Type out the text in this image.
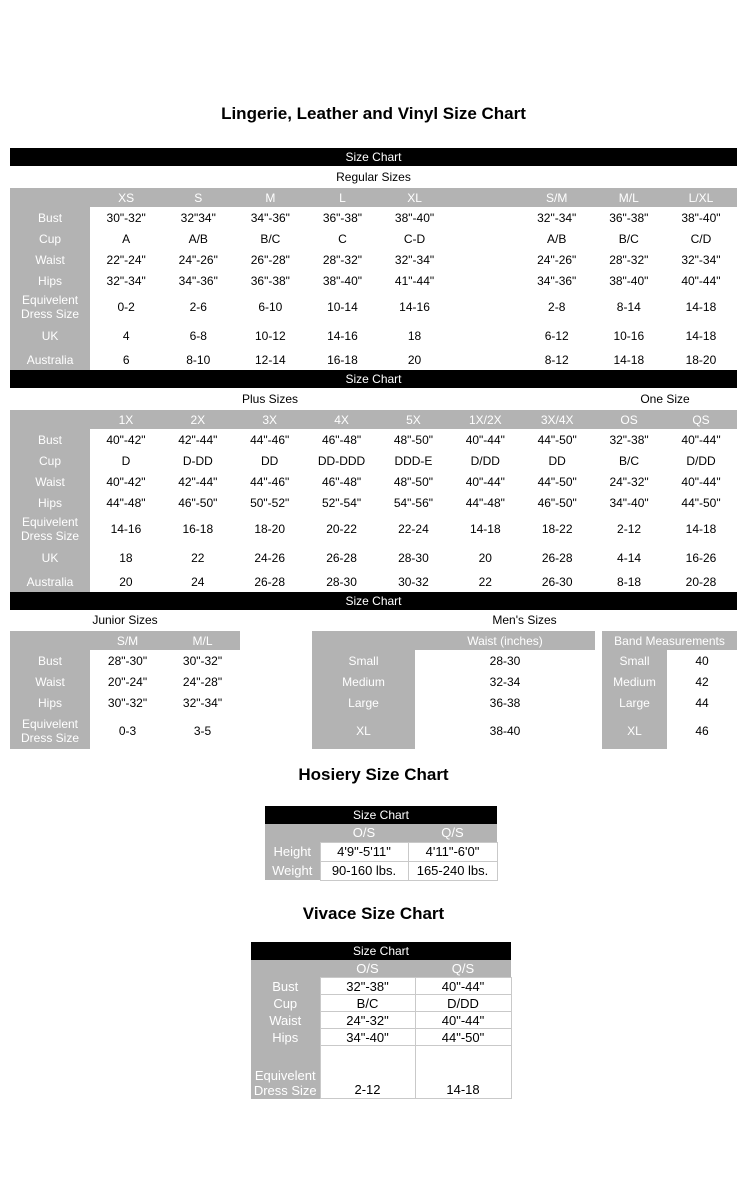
Lingerie, Leather and Vinyl Size Chart
Size Chart
Regular Sizes
	XS	S	M	L	XL		S/M	M/L	L/XL
Bust	30"-32"	32"34"	34"-36"	36"-38"	38"-40"		32"-34"	36"-38"	38"-40"
Cup	A	A/B	B/C	C	C-D		A/B	B/C	C/D
Waist	22"-24"	24"-26"	26"-28"	28"-32"	32"-34"		24"-26"	28"-32"	32"-34"
Hips	32"-34"	34"-36"	36"-38"	38"-40"	41"-44"		34"-36"	38"-40"	40"-44"
Equivelent Dress Size	0-2	2-6	6-10	10-14	14-16		2-8	8-14	14-18
UK	4	6-8	10-12	14-16	18		6-12	10-16	14-18
Australia	6	8-10	12-14	16-18	20		8-12	14-18	18-20
Size Chart
Plus Sizes	One Size
	1X	2X	3X	4X	5X	1X/2X	3X/4X	OS	QS
Bust	40"-42"	42"-44"	44"-46"	46"-48"	48"-50"	40"-44"	44"-50"	32"-38"	40"-44"
Cup	D	D-DD	DD	DD-DDD	DDD-E	D/DD	DD	B/C	D/DD
Waist	40"-42"	42"-44"	44"-46"	46"-48"	48"-50"	40"-44"	44"-50"	24"-32"	40"-44"
Hips	44"-48"	46"-50"	50"-52"	52"-54"	54"-56"	44"-48"	46"-50"	34"-40"	44"-50"
Equivelent Dress Size	14-16	16-18	18-20	20-22	22-24	14-18	18-22	2-12	14-18
UK	18	22	24-26	26-28	28-30	20	26-28	4-14	16-26
Australia	20	24	26-28	28-30	30-32	22	26-30	8-18	20-28
Size Chart
Junior Sizes	Men's Sizes
	S/M	M/L
Bust	28"-30"	30"-32"
Waist	20"-24"	24"-28"
Hips	30"-32"	32"-34"
Equivelent Dress Size	0-3	3-5
	Waist (inches)		Band Measurements	
Small	28-30		Small	40
Medium	32-34		Medium	42
Large	36-38		Large	44
XL	38-40		XL	46
Hosiery Size Chart
Size Chart
	O/S	Q/S
Height	4'9"-5'11"	4'11"-6'0"
Weight	90-160 lbs.	165-240 lbs.
Vivace Size Chart
Size Chart
	O/S	Q/S
Bust	32"-38"	40"-44"
Cup	B/C	D/DD
Waist	24"-32"	40"-44"
Hips	34"-40"	44"-50"
Equivelent Dress Size	2-12	14-18
